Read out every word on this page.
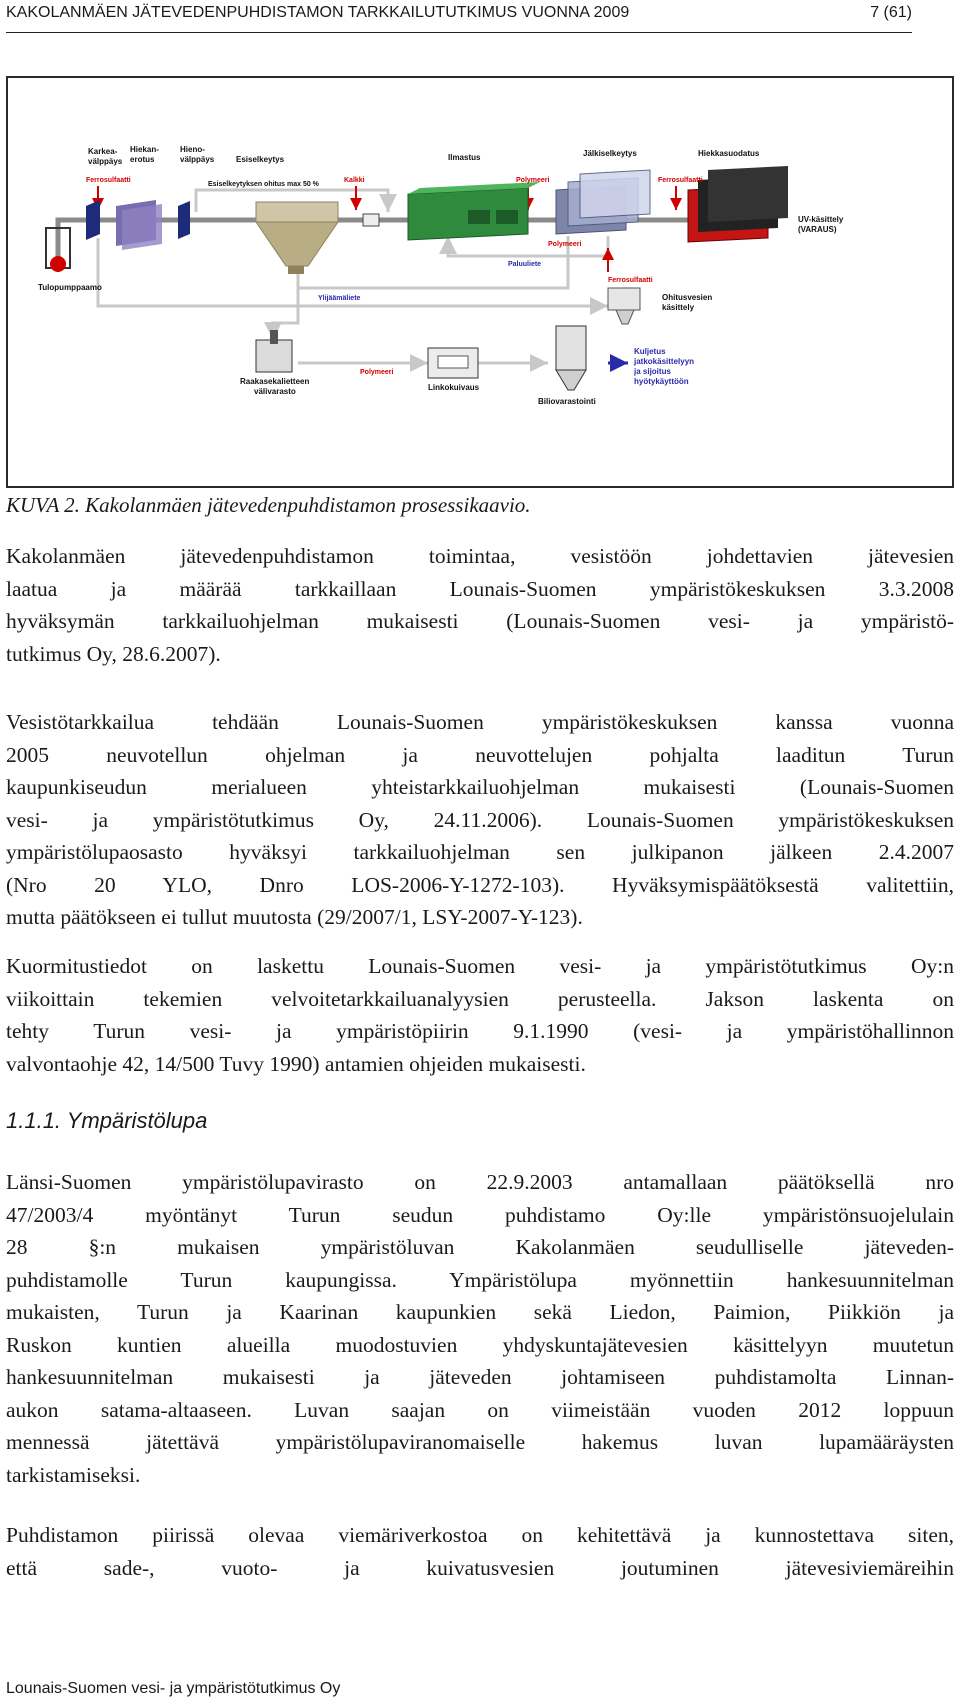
KAKOLANMÄEN JÄTEVEDENPUHDISTAMON TARKKAILUTUTKIMUS VUONNA 2009	7 (61)
Karkea-välppäys
Hiekan-erotus
Hieno-välppäys	Esiselkeytys	Ilmastus	Jälkiselkeytys	Hiekkasuodatus
Ferrosulfaatti
Esiselkeytyksen ohitus max 50 %
Kalkki	Polymeeri	Ferrosulfaatti
Polymeeri
Paluuliete
Ferrosulfaatti
UV-käsittely (VARAUS)
Tulopumppaamo
Ylijäämäliete	Ohitusvesien käsittely
Raakasekalietteen välivarasto
Polymeeri
Linkokuivaus
Biliovarastointi
Kuljetus jatkokäsittelyyn ja sijoitus hyötykäyttöön
KUVA 2. Kakolanmäen jätevedenpuhdistamon prosessikaavio.
Kakolanmäen jätevedenpuhdistamon toimintaa, vesistöön johdettavien jätevesien
laatua ja määrää tarkkaillaan Lounais-Suomen ympäristökeskuksen 3.3.2008
hyväksymän tarkkailuohjelman mukaisesti (Lounais-Suomen vesi- ja ympäristö-
tutkimus Oy, 28.6.2007).
Vesistötarkkailua tehdään Lounais-Suomen ympäristökeskuksen kanssa vuonna
2005 neuvotellun ohjelman ja neuvottelujen pohjalta laaditun Turun
kaupunkiseudun merialueen yhteistarkkailuohjelman mukaisesti (Lounais-Suomen
vesi- ja ympäristötutkimus Oy, 24.11.2006). Lounais-Suomen ympäristökeskuksen
ympäristölupaosasto hyväksyi tarkkailuohjelman sen julkipanon jälkeen 2.4.2007
(Nro 20 YLO, Dnro LOS-2006-Y-1272-103). Hyväksymispäätöksestä valitettiin,
mutta päätökseen ei tullut muutosta (29/2007/1, LSY-2007-Y-123).
Kuormitustiedot on laskettu Lounais-Suomen vesi- ja ympäristötutkimus Oy:n
viikoittain tekemien velvoitetarkkailuanalyysien perusteella. Jakson laskenta on
tehty Turun vesi- ja ympäristöpiirin 9.1.1990 (vesi- ja ympäristöhallinnon
valvontaohje 42, 14/500 Tuvy 1990) antamien ohjeiden mukaisesti.
1.1.1. Ympäristölupa
Länsi-Suomen ympäristölupavirasto on 22.9.2003 antamallaan päätöksellä nro
47/2003/4 myöntänyt Turun seudun puhdistamo Oy:lle ympäristönsuojelulain
28 §:n mukaisen ympäristöluvan Kakolanmäen seudulliselle jäteveden-
puhdistamolle Turun kaupungissa. Ympäristölupa myönnettiin hankesuunnitelman
mukaisten, Turun ja Kaarinan kaupunkien sekä Liedon, Paimion, Piikkiön ja
Ruskon kuntien alueilla muodostuvien yhdyskuntajätevesien käsittelyyn muutetun
hankesuunnitelman mukaisesti ja jäteveden johtamiseen puhdistamolta Linnan-
aukon satama-altaaseen. Luvan saajan on viimeistään vuoden 2012 loppuun
mennessä jätettävä ympäristölupaviranomaiselle hakemus luvan lupamääräysten
tarkistamiseksi.
Puhdistamon piirissä olevaa viemäriverkostoa on kehitettävä ja kunnostettava siten,
että sade-, vuoto- ja kuivatusvesien joutuminen jätevesiviemäreihin
Lounais-Suomen vesi- ja ympäristötutkimus Oy
